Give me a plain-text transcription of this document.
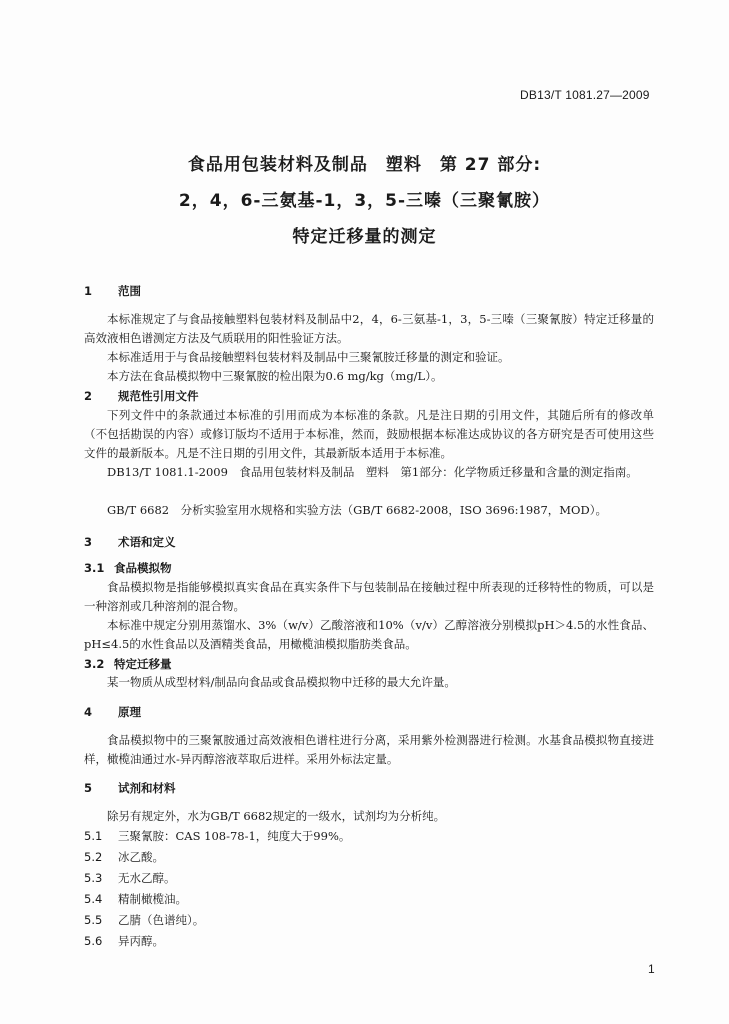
DB13/T 1081.27—2009
食品用包装材料及制品　塑料　第 27 部分:
2，4，6-三氨基-1，3，5-三嗪（三聚氰胺）
特定迁移量的测定
1 范围

本标准规定了与食品接触塑料包装材料及制品中2，4，6-三氨基-1，3，5-三嗪（三聚氰胺）特定迁移量的高效液相色谱测定方法及气质联用的阳性验证方法。

本标准适用于与食品接触塑料包装材料及制品中三聚氰胺迁移量的测定和验证。

本方法在食品模拟物中三聚氰胺的检出限为0.6 mg/kg（mg/L）。

2 规范性引用文件

下列文件中的条款通过本标准的引用而成为本标准的条款。凡是注日期的引用文件，其随后所有的修改单（不包括勘误的内容）或修订版均不适用于本标准，然而，鼓励根据本标准达成协议的各方研究是否可使用这些文件的最新版本。凡是不注日期的引用文件，其最新版本适用于本标准。

DB13/T 1081.1-2009　食品用包装材料及制品　塑料　第1部分：化学物质迁移量和含量的测定指南。

GB/T 6682　分析实验室用水规格和实验方法（GB/T 6682-2008，ISO 3696:1987，MOD）。

3 术语和定义
3.1 食品模拟物

食品模拟物是指能够模拟真实食品在真实条件下与包装制品在接触过程中所表现的迁移特性的物质，可以是一种溶剂或几种溶剂的混合物。

本标准中规定分别用蒸馏水、3%（w/v）乙酸溶液和10%（v/v）乙醇溶液分别模拟pH＞4.5的水性食品、pH≤4.5的水性食品以及酒精类食品，用橄榄油模拟脂肪类食品。

3.2 特定迁移量

某一物质从成型材料/制品向食品或食品模拟物中迁移的最大允许量。

4 原理

食品模拟物中的三聚氰胺通过高效液相色谱柱进行分离，采用紫外检测器进行检测。水基食品模拟物直接进样，橄榄油通过水-异丙醇溶液萃取后进样。采用外标法定量。

5 试剂和材料

除另有规定外，水为GB/T 6682规定的一级水，试剂均为分析纯。

5.1 三聚氰胺：CAS 108-78-1，纯度大于99%。
5.2 冰乙酸。
5.3 无水乙醇。
5.4 精制橄榄油。
5.5 乙腈（色谱纯）。
5.6 异丙醇。
1
